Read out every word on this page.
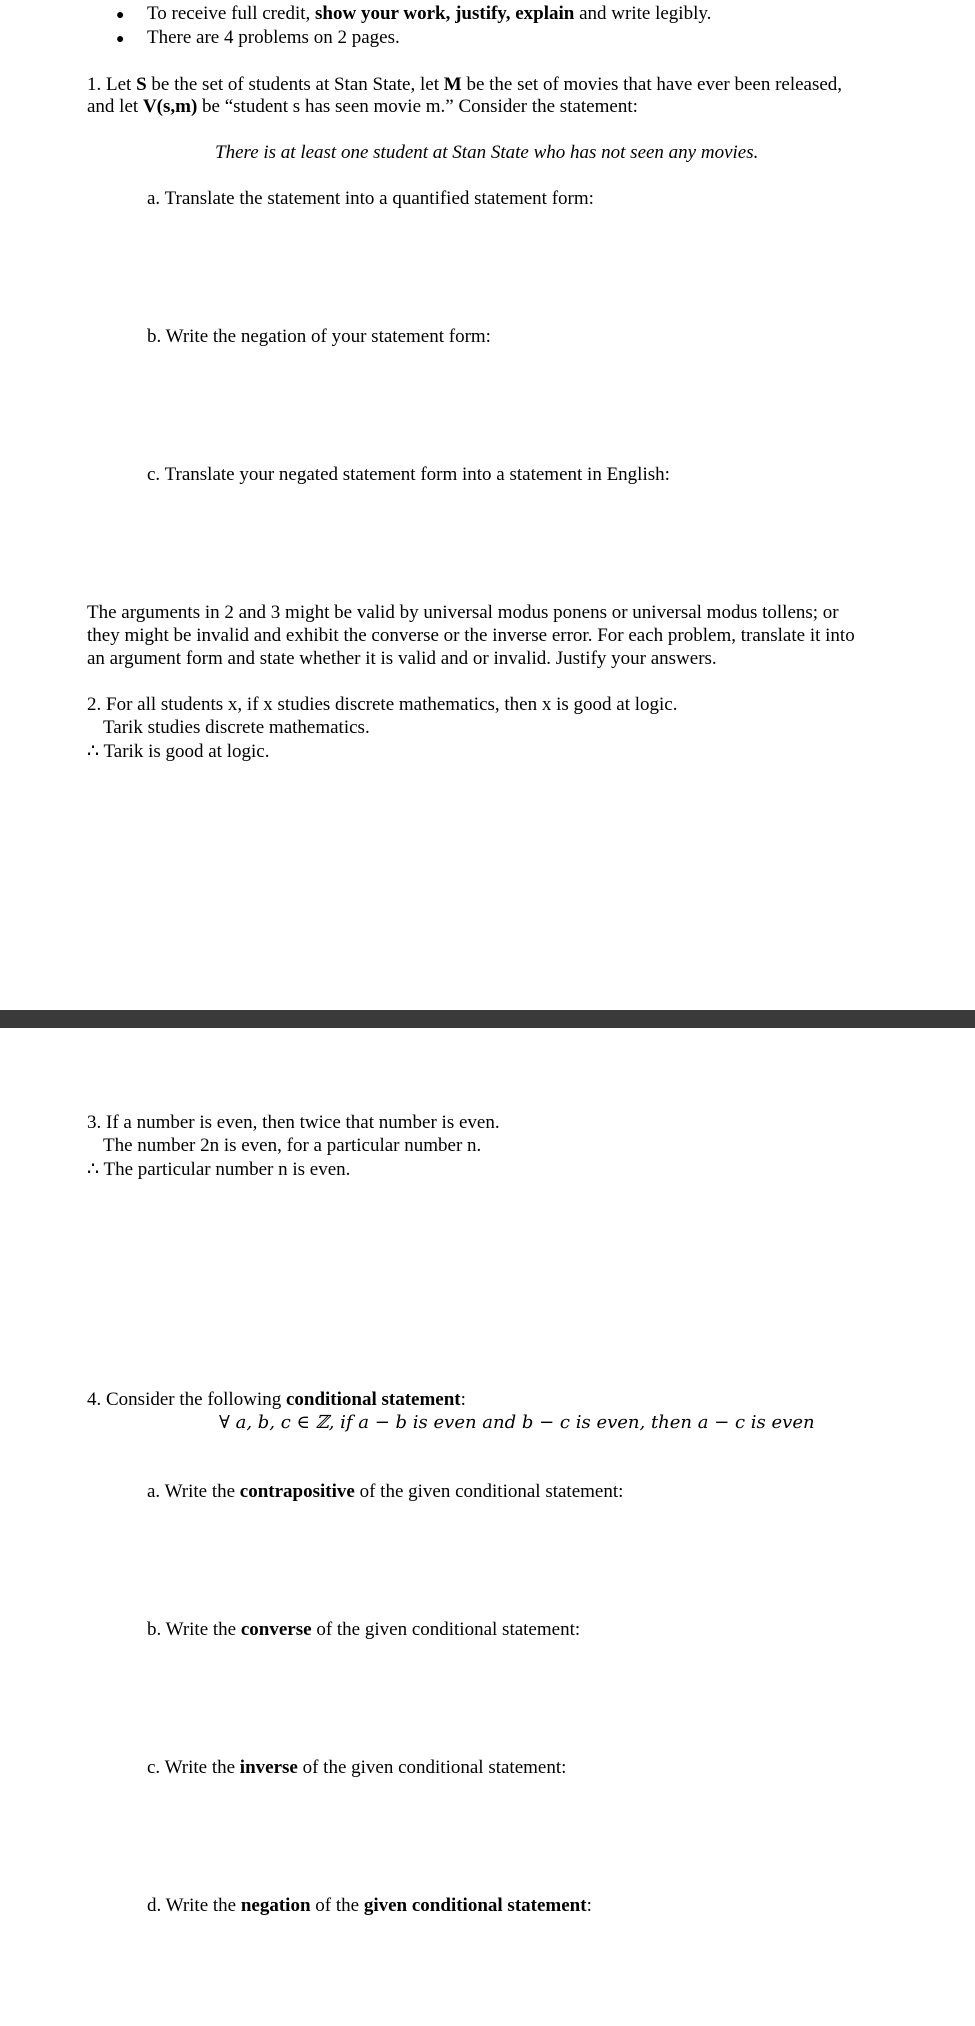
● To receive full credit, show your work, justify, explain and write legibly.
● There are 4 problems on 2 pages.
1. Let S be the set of students at Stan State, let M be the set of movies that have ever been released,
and let V(s,m) be “student s has seen movie m.” Consider the statement:
There is at least one student at Stan State who has not seen any movies.
a. Translate the statement into a quantified statement form:
b. Write the negation of your statement form:
c. Translate your negated statement form into a statement in English:
The arguments in 2 and 3 might be valid by universal modus ponens or universal modus tollens; or
they might be invalid and exhibit the converse or the inverse error. For each problem, translate it into
an argument form and state whether it is valid and or invalid. Justify your answers.
2. For all students x, if x studies discrete mathematics, then x is good at logic.
Tarik studies discrete mathematics.
∴ Tarik is good at logic.
3. If a number is even, then twice that number is even.
The number 2n is even, for a particular number n.
∴ The particular number n is even.
4. Consider the following conditional statement:
∀ a, b, c ∈ ℤ, if a − b is even and b − c is even, then a − c is even
a. Write the contrapositive of the given conditional statement:
b. Write the converse of the given conditional statement:
c. Write the inverse of the given conditional statement:
d. Write the negation of the given conditional statement:
